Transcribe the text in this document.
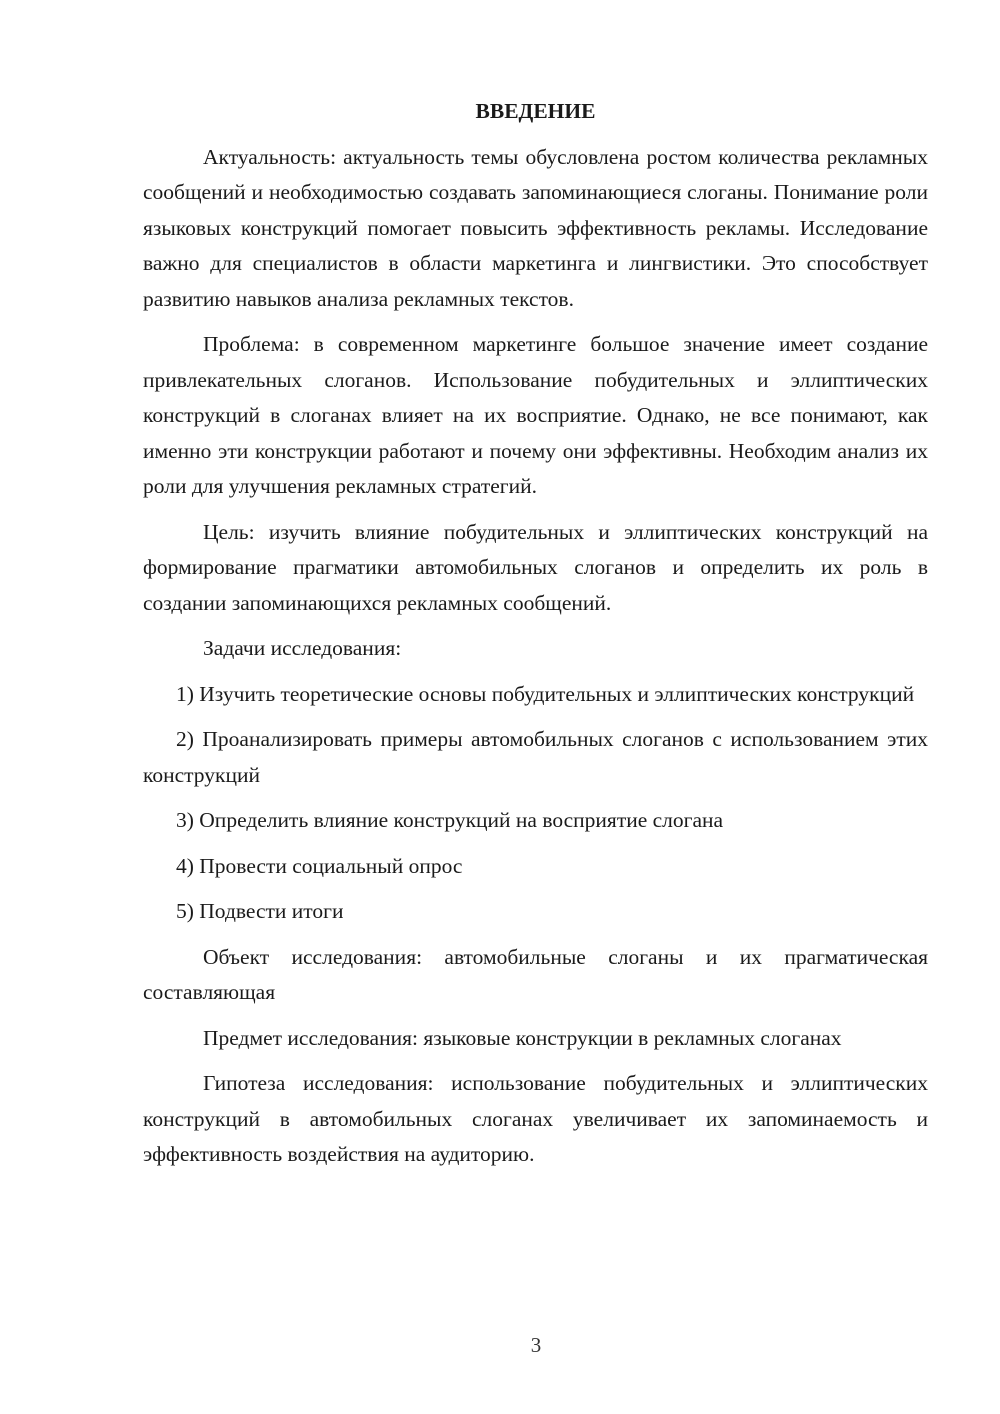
ВВЕДЕНИЕ

Актуальность: актуальность темы обусловлена ростом количества рекламных сообщений и необходимостью создавать запоминающиеся слоганы. Понимание роли языковых конструкций помогает повысить эффективность рекламы. Исследование важно для специалистов в области маркетинга и лингвистики. Это способствует развитию навыков анализа рекламных текстов.

Проблема: в современном маркетинге большое значение имеет создание привлекательных слоганов. Использование побудительных и эллиптических конструкций в слоганах влияет на их восприятие. Однако, не все понимают, как именно эти конструкции работают и почему они эффективны. Необходим анализ их роли для улучшения рекламных стратегий.

Цель: изучить влияние побудительных и эллиптических конструкций на формирование прагматики автомобильных слоганов и определить их роль в создании запоминающихся рекламных сообщений.

Задачи исследования:

1) Изучить теоретические основы побудительных и эллиптических конструкций

2) Проанализировать примеры автомобильных слоганов с использованием этих конструкций

3) Определить влияние конструкций на восприятие слогана

4) Провести социальный опрос

5) Подвести итоги

Объект исследования: автомобильные слоганы и их прагматическая составляющая

Предмет исследования: языковые конструкции в рекламных слоганах

Гипотеза исследования: использование побудительных и эллиптических конструкций в автомобильных слоганах увеличивает их запоминаемость и эффективность воздействия на аудиторию.

3
